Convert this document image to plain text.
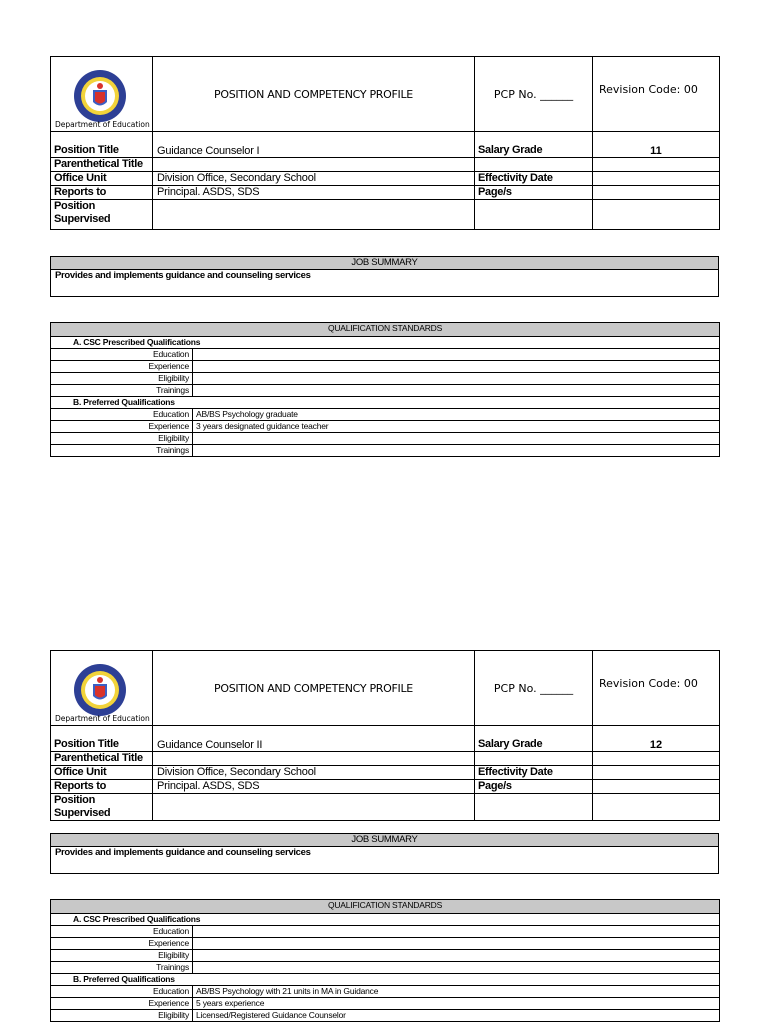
Department of Education	POSITION AND COMPETENCY PROFILE	PCP No. ______	Revision Code: 00
Position Title	Guidance Counselor I	Salary Grade	11
Parenthetical Title			
Office Unit	Division Office, Secondary School	Effectivity Date	
Reports to	Principal. ASDS, SDS	Page/s	
Position Supervised			
JOB SUMMARY
Provides and implements guidance and counseling services
QUALIFICATION STANDARDS	
A. CSC Prescribed Qualifications	
Education	
Experience	
Eligibility	
Trainings	
B. Preferred Qualifications	
Education	AB/BS Psychology graduate
Experience	3 years designated guidance teacher
Eligibility	
Trainings	
Department of Education	POSITION AND COMPETENCY PROFILE	PCP No. ______	Revision Code: 00
Position Title	Guidance Counselor II	Salary Grade	12
Parenthetical Title			
Office Unit	Division Office, Secondary School	Effectivity Date	
Reports to	Principal. ASDS, SDS	Page/s	
Position Supervised			
JOB SUMMARY
Provides and implements guidance and counseling services
QUALIFICATION STANDARDS	
A. CSC Prescribed Qualifications	
Education	
Experience	
Eligibility	
Trainings	
B. Preferred Qualifications	
Education	AB/BS Psychology with 21 units in MA in Guidance
Experience	5 years experience
Eligibility	Licensed/Registered Guidance Counselor
